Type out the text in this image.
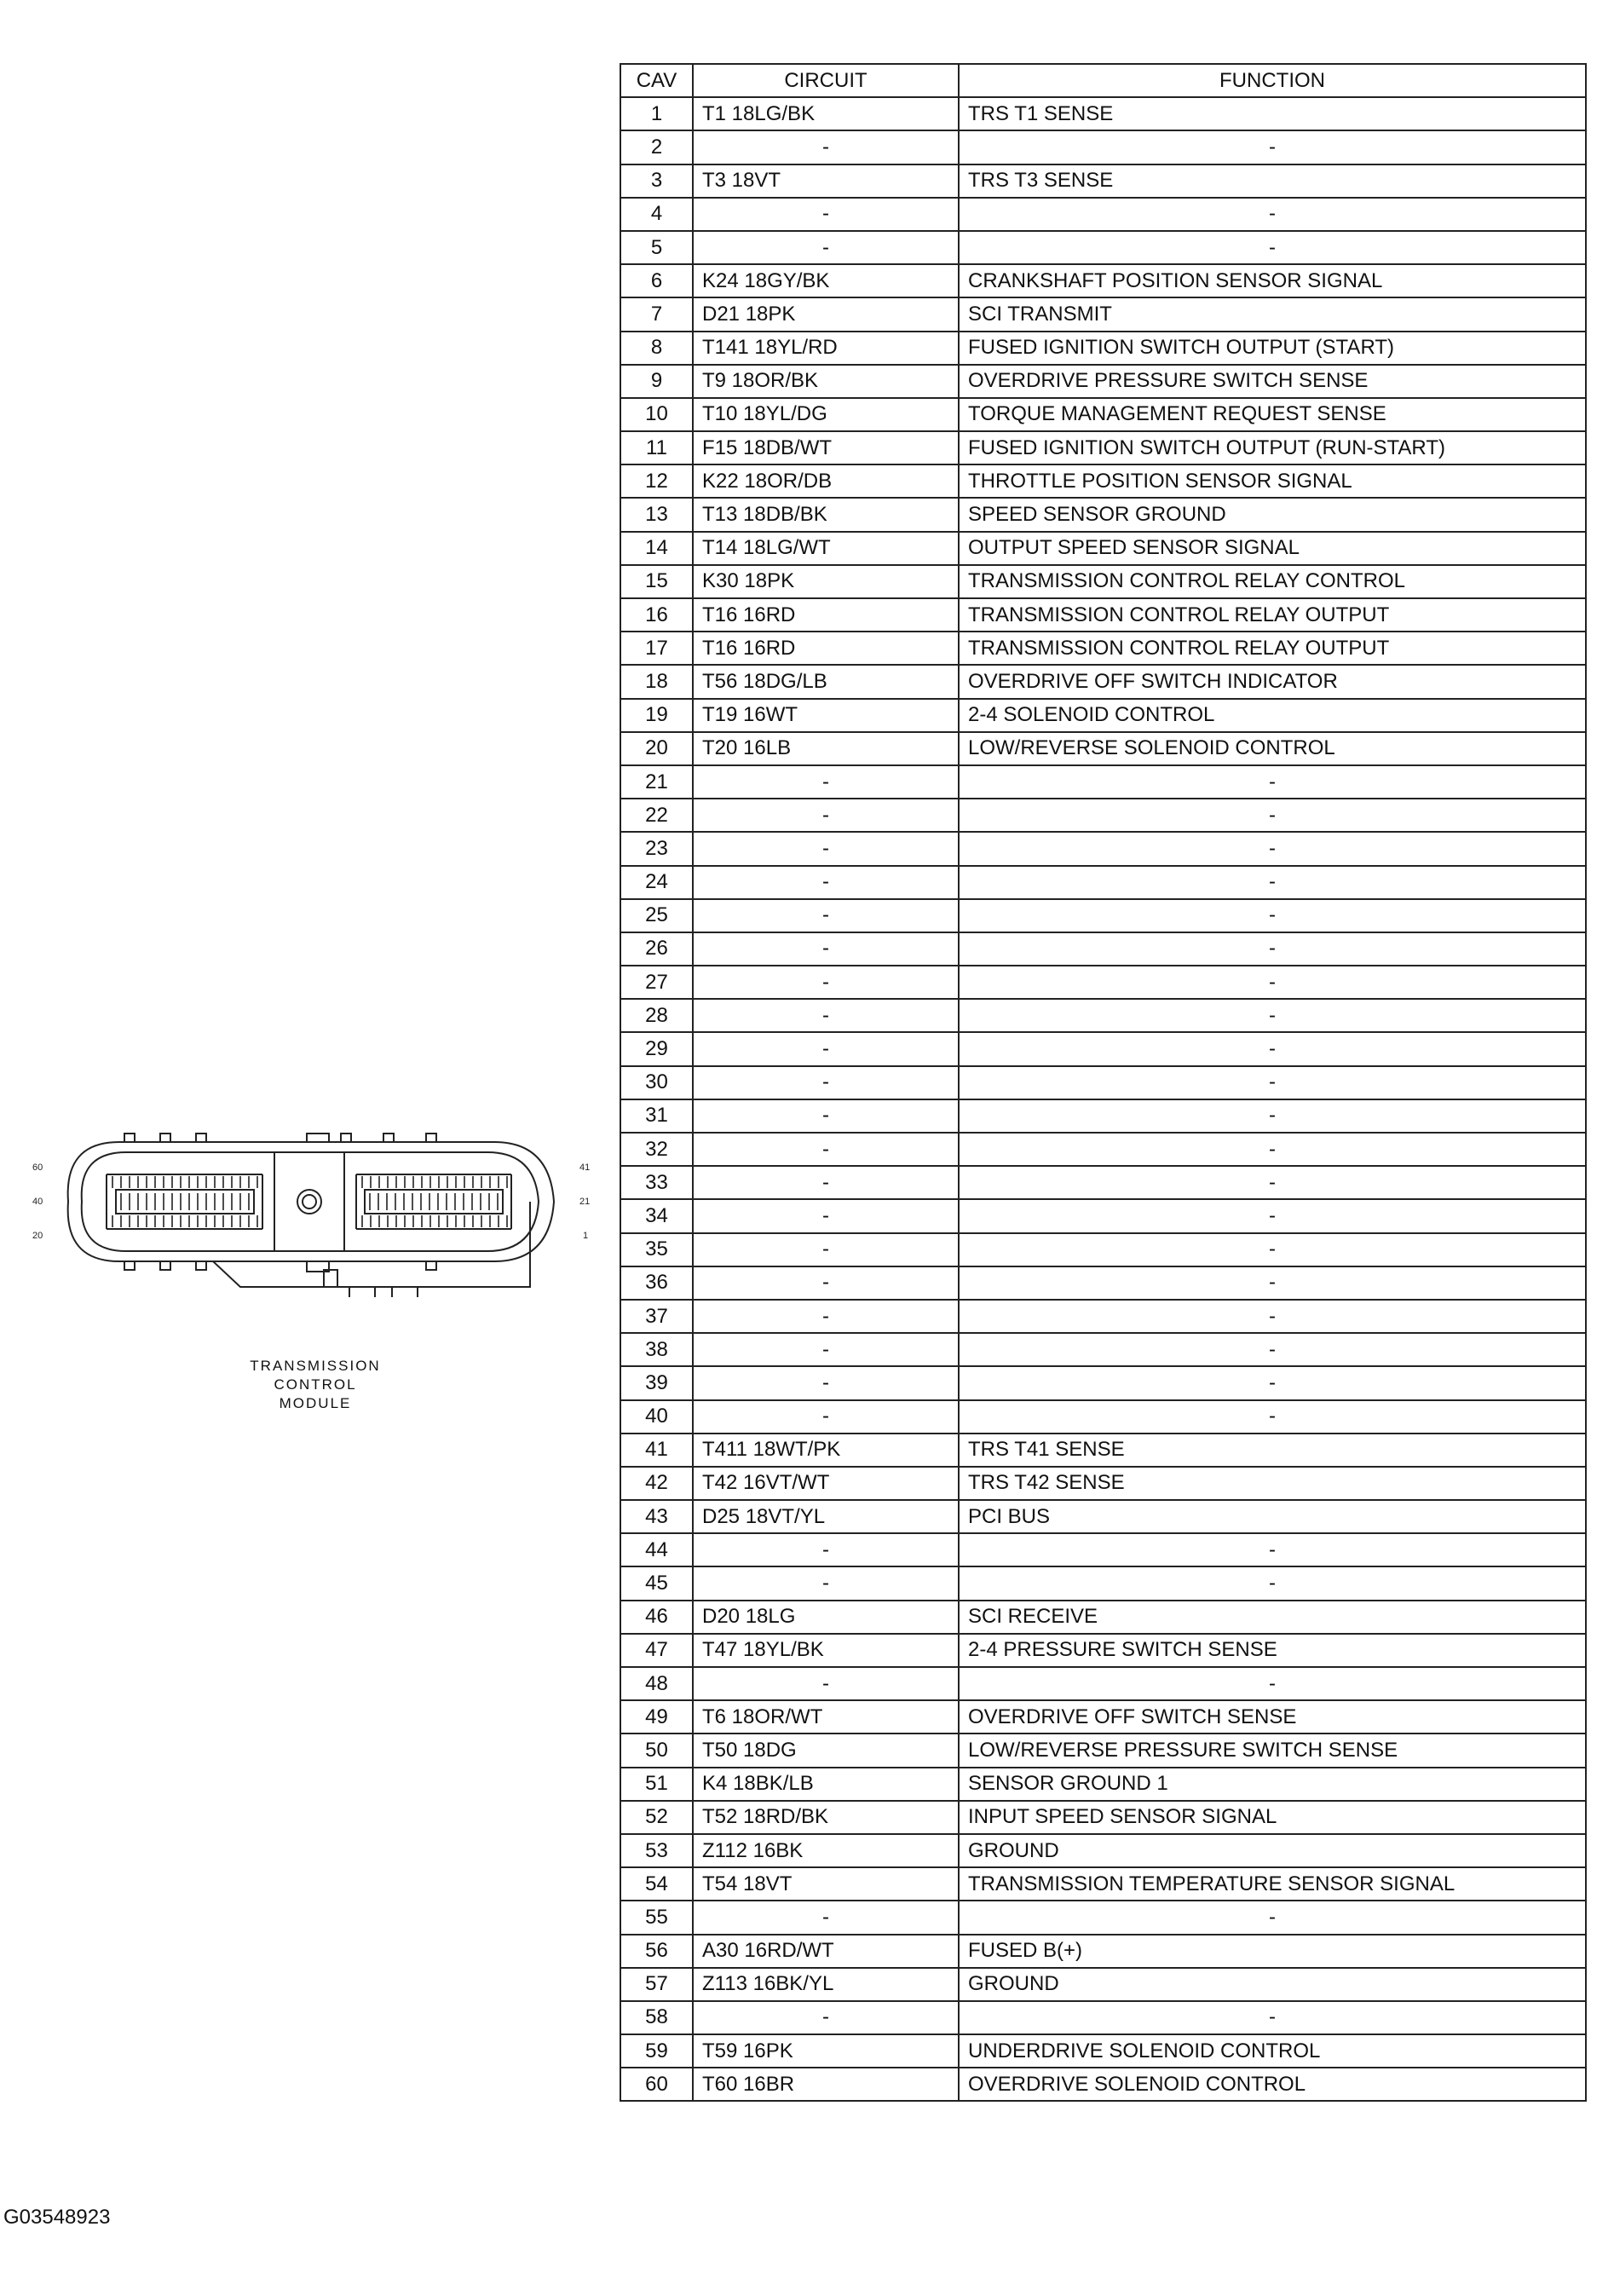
CAV	CIRCUIT	FUNCTION
1	T1 18LG/BK	TRS T1 SENSE
2	-	-
3	T3 18VT	TRS T3 SENSE
4	-	-
5	-	-
6	K24 18GY/BK	CRANKSHAFT POSITION SENSOR SIGNAL
7	D21 18PK	SCI TRANSMIT
8	T141 18YL/RD	FUSED IGNITION SWITCH OUTPUT (START)
9	T9 18OR/BK	OVERDRIVE PRESSURE SWITCH SENSE
10	T10 18YL/DG	TORQUE MANAGEMENT REQUEST SENSE
11	F15 18DB/WT	FUSED IGNITION SWITCH OUTPUT (RUN-START)
12	K22 18OR/DB	THROTTLE POSITION SENSOR SIGNAL
13	T13 18DB/BK	SPEED SENSOR GROUND
14	T14 18LG/WT	OUTPUT SPEED SENSOR SIGNAL
15	K30 18PK	TRANSMISSION CONTROL RELAY CONTROL
16	T16 16RD	TRANSMISSION CONTROL RELAY OUTPUT
17	T16 16RD	TRANSMISSION CONTROL RELAY OUTPUT
18	T56 18DG/LB	OVERDRIVE OFF SWITCH INDICATOR
19	T19 16WT	2-4 SOLENOID CONTROL
20	T20 16LB	LOW/REVERSE SOLENOID CONTROL
21	-	-
22	-	-
23	-	-
24	-	-
25	-	-
26	-	-
27	-	-
28	-	-
29	-	-
30	-	-
31	-	-
32	-	-
33	-	-
34	-	-
35	-	-
36	-	-
37	-	-
38	-	-
39	-	-
40	-	-
41	T411 18WT/PK	TRS T41 SENSE
42	T42 16VT/WT	TRS T42 SENSE
43	D25 18VT/YL	PCI BUS
44	-	-
45	-	-
46	D20 18LG	SCI RECEIVE
47	T47 18YL/BK	2-4 PRESSURE SWITCH SENSE
48	-	-
49	T6 18OR/WT	OVERDRIVE OFF SWITCH SENSE
50	T50 18DG	LOW/REVERSE PRESSURE SWITCH SENSE
51	K4 18BK/LB	SENSOR GROUND 1
52	T52 18RD/BK	INPUT SPEED SENSOR SIGNAL
53	Z112 16BK	GROUND
54	T54 18VT	TRANSMISSION TEMPERATURE SENSOR SIGNAL
55	-	-
56	A30 16RD/WT	FUSED B(+)
57	Z113 16BK/YL	GROUND
58	-	-
59	T59 16PK	UNDERDRIVE SOLENOID CONTROL
60	T60 16BR	OVERDRIVE SOLENOID CONTROL
60
40
20
41
21
1
TRANSMISSION
CONTROL
MODULE
G03548923
